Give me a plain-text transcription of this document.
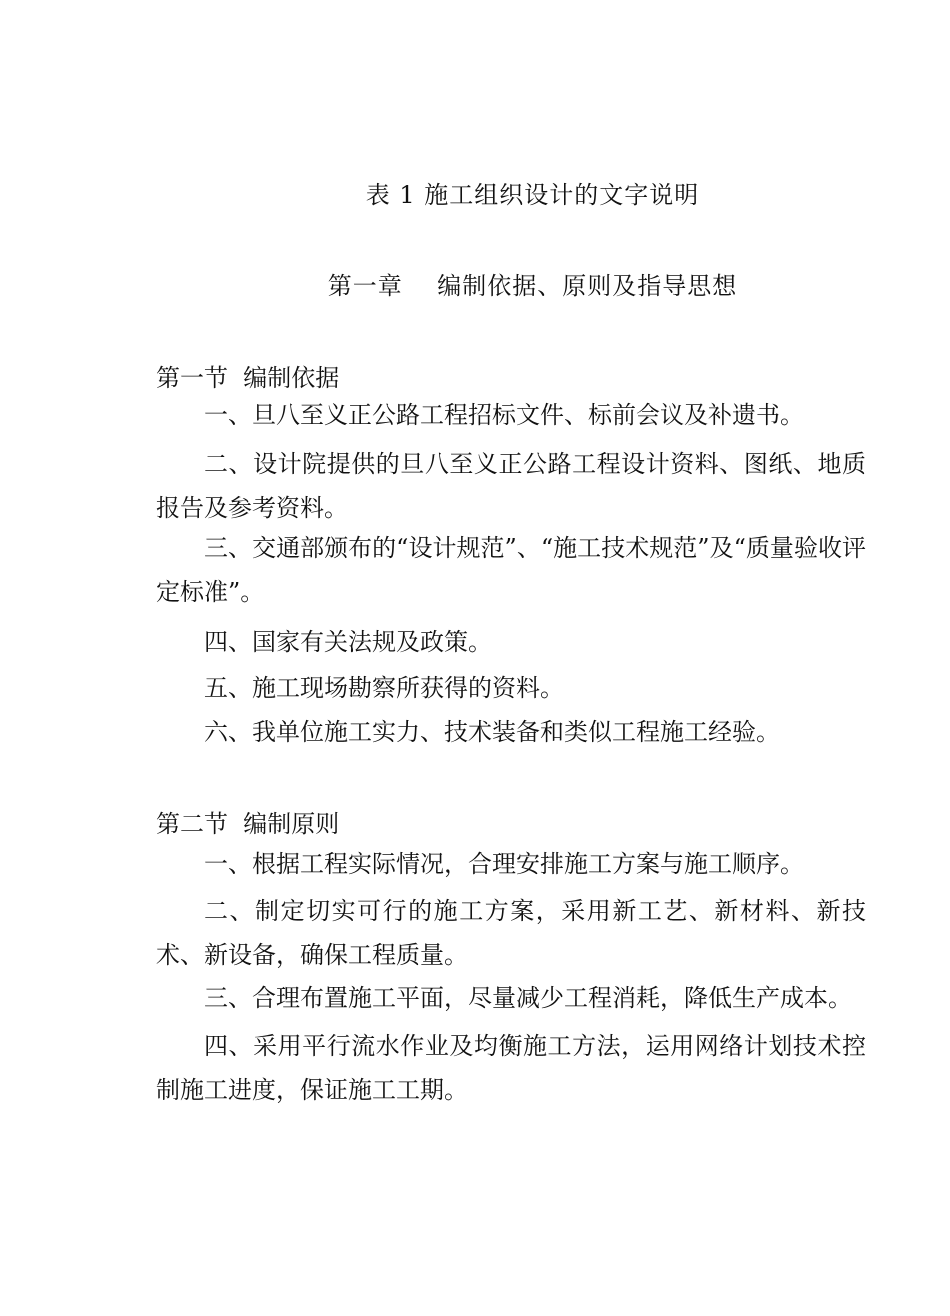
表 1 施工组织设计的文字说明
第一章    编制依据、原则及指导思想
第一节  编制依据
一、旦八至义正公路工程招标文件、标前会议及补遗书。
二、设计院提供的旦八至义正公路工程设计资料、图纸、地质报告及参考资料。
三、交通部颁布的“设计规范”、“施工技术规范”及“质量验收评定标准”。
四、国家有关法规及政策。
五、施工现场勘察所获得的资料。
六、我单位施工实力、技术装备和类似工程施工经验。
第二节  编制原则
一、根据工程实际情况，合理安排施工方案与施工顺序。
二、制定切实可行的施工方案，采用新工艺、新材料、新技术、新设备，确保工程质量。
三、合理布置施工平面，尽量减少工程消耗，降低生产成本。
四、采用平行流水作业及均衡施工方法，运用网络计划技术控制施工进度，保证施工工期。
